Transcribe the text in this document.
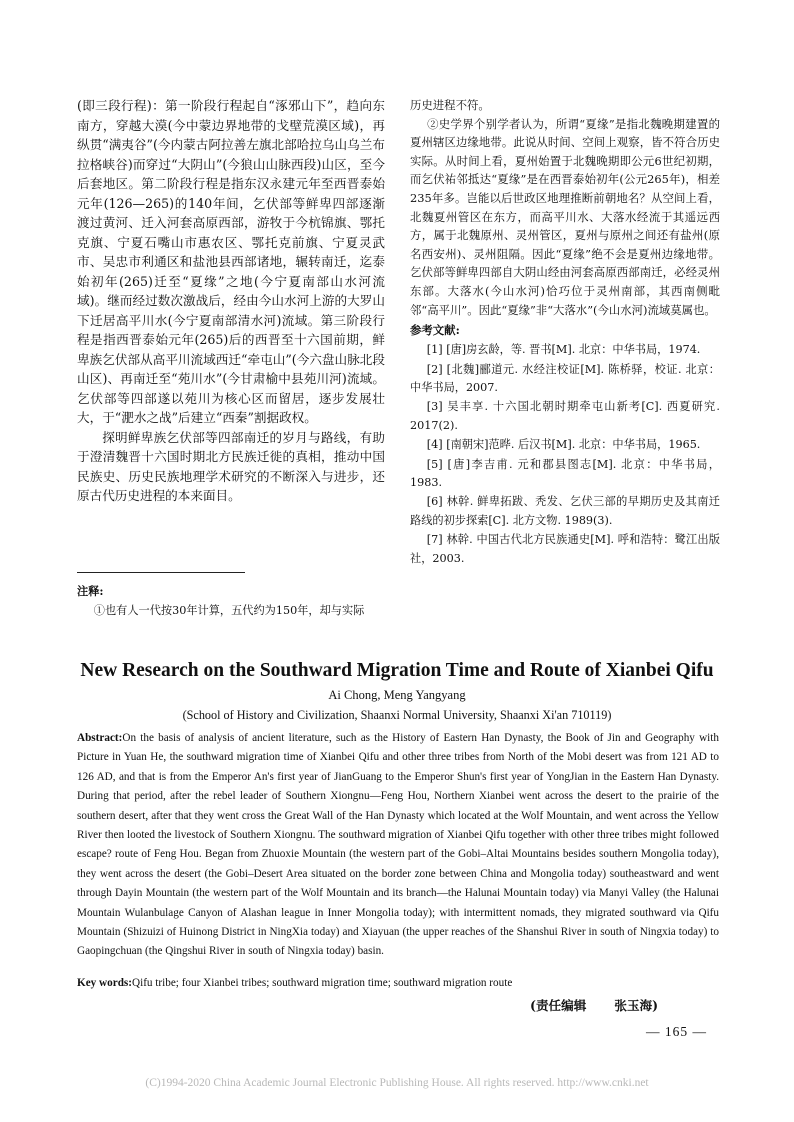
(即三段行程)：第一阶段行程起自“涿邪山下”，趋向东南方，穿越大漠(今中蒙边界地带的戈壁荒漠区域)，再纵贯“满夷谷”(今内蒙古阿拉善左旗北部哈拉乌山乌兰布拉格峡谷)而穿过“大阴山”(今狼山山脉西段)山区，至今后套地区。第二阶段行程是指东汉永建元年至西晋泰始元年(126—265)的140年间，乞伏部等鲜卑四部逐渐渡过黄河、迁入河套高原西部，游牧于今杭锦旗、鄂托克旗、宁夏石嘴山市惠农区、鄂托克前旗、宁夏灵武市、吴忠市利通区和盐池县西部诸地，辗转南迁，迄泰始初年(265)迁至“夏缘”之地(今宁夏南部山水河流域)。继而经过数次激战后，经由今山水河上游的大罗山下迁居高平川水(今宁夏南部清水河)流域。第三阶段行程是指西晋泰始元年(265)后的西晋至十六国前期，鲜卑族乞伏部从高平川流域西迁“牵屯山”(今六盘山脉北段山区)、再南迁至“苑川水”(今甘肃榆中县苑川河)流域。乞伏部等四部遂以苑川为核心区而留居，逐步发展壮大，于“淝水之战”后建立“西秦”割据政权。

探明鲜卑族乞伏部等四部南迁的岁月与路线，有助于澄清魏晋十六国时期北方民族迁徙的真相，推动中国民族史、历史民族地理学术研究的不断深入与进步，还原古代历史进程的本来面目。

注释:
①也有人一代按30年计算，五代约为150年，却与实际

历史进程不符。

②史学界个别学者认为，所谓“夏缘”是指北魏晚期建置的夏州辖区边缘地带。此说从时间、空间上观察，皆不符合历史实际。从时间上看，夏州始置于北魏晚期即公元6世纪初期，而乞伏祐邻抵达“夏缘”是在西晋泰始初年(公元265年)，相差235年多。岂能以后世政区地理推断前朝地名？从空间上看，北魏夏州管区在东方，而高平川水、大落水经流于其遥远西方，属于北魏原州、灵州管区，夏州与原州之间还有盐州(原名西安州)、灵州阻隔。因此“夏缘”绝不会是夏州边缘地带。乞伏部等鲜卑四部自大阴山经由河套高原西部南迁，必经灵州东部。大落水(今山水河)恰巧位于灵州南部，其西南侧毗邻“高平川”。因此“夏缘”非“大落水”(今山水河)流域莫属也。

参考文献:

[1] [唐]房玄龄，等. 晋书[M]. 北京：中华书局，1974.

[2] [北魏]郦道元. 水经注校证[M]. 陈桥驿，校证. 北京：中华书局，2007.

[3] 吴丰享. 十六国北朝时期牵屯山新考[C]. 西夏研究. 2017(2).

[4] [南朝宋]范晔. 后汉书[M]. 北京：中华书局，1965.

[5] [唐]李吉甫. 元和郡县图志[M]. 北京：中华书局，1983.

[6] 林幹. 鲜卑拓跋、秃发、乞伏三部的早期历史及其南迁路线的初步探索[C]. 北方文物. 1989(3).

[7] 林幹. 中国古代北方民族通史[M]. 呼和浩特：鹭江出版社，2003.

New Research on the Southward Migration Time and Route of Xianbei Qifu
Ai Chong, Meng Yangyang
(School of History and Civilization, Shaanxi Normal University, Shaanxi Xi'an 710119)

Abstract:On the basis of analysis of ancient literature, such as the History of Eastern Han Dynasty, the Book of Jin and Geography with Picture in Yuan He, the southward migration time of Xianbei Qifu and other three tribes from North of the Mobi desert was from 121 AD to 126 AD, and that is from the Emperor An's first year of JianGuang to the Emperor Shun's first year of YongJian in the Eastern Han Dynasty. During that period, after the rebel leader of Southern Xiongnu—Feng Hou, Northern Xianbei went across the desert to the prairie of the southern desert, after that they went cross the Great Wall of the Han Dynasty which located at the Wolf Mountain, and went across the Yellow River then looted the livestock of Southern Xiongnu. The southward migration of Xianbei Qifu together with other three tribes might followed escape? route of Feng Hou. Began from Zhuoxie Mountain (the western part of the Gobi–Altai Mountains besides southern Mongolia today), they went across the desert (the Gobi–Desert Area situated on the border zone between China and Mongolia today) southeastward and went through Dayin Mountain (the western part of the Wolf Mountain and its branch—the Halunai Mountain today) via Manyi Valley (the Halunai Mountain Wulanbulage Canyon of Alashan league in Inner Mongolia today); with intermittent nomads, they migrated southward via Qifu Mountain (Shizuizi of Huinong District in NingXia today) and Xiayuan (the upper reaches of the Shanshui River in south of Ningxia today) to Gaopingchuan (the Qingshui River in south of Ningxia today) basin.

Key words:Qifu tribe; four Xianbei tribes; southward migration time; southward migration route

(责任编辑 张玉海)
— 165 —
(C)1994-2020 China Academic Journal Electronic Publishing House. All rights reserved. http://www.cnki.net
